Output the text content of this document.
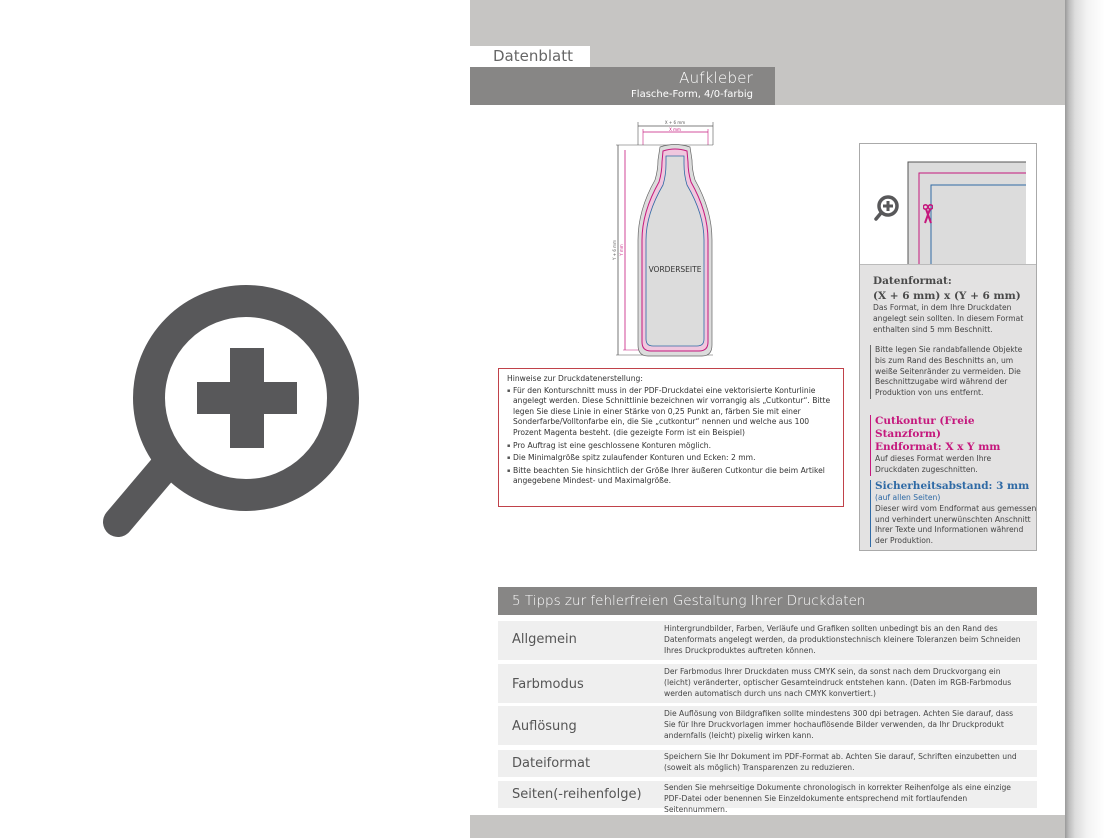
Datenblatt
Aufkleber
Flasche-Form, 4/0-farbig
X + 6 mm
X mm
Y + 6 mm Y mm
VORDERSEITE
Hinweise zur Druckdatenerstellung:
▪ Für den Konturschnitt muss in der PDF-Druckdatei eine vektorisierte Konturlinie angelegt werden. Diese Schnittlinie bezeichnen wir vorrangig als „Cutkontur“. Bitte legen Sie diese Linie in einer Stärke von 0,25 Punkt an, färben Sie mit einer Sonderfarbe/Volltonfarbe ein, die Sie „cutkontur“ nennen und welche aus 100 Prozent Magenta besteht. (die gezeigte Form ist ein Beispiel)
▪ Pro Auftrag ist eine geschlossene Konturen möglich.
▪ Die Minimalgröße spitz zulaufender Konturen und Ecken: 2 mm.
▪ Bitte beachten Sie hinsichtlich der Größe Ihrer äußeren Cutkontur die beim Artikel angegebene Mindest- und Maximalgröße.
Datenformat:
(X + 6 mm) x (Y + 6 mm)
Das Format, in dem Ihre Druckdaten angelegt sein sollten. In diesem Format enthalten sind 5 mm Beschnitt.
Bitte legen Sie randabfallende Objekte bis zum Rand des Beschnitts an, um weiße Seitenränder zu vermeiden. Die Beschnittzugabe wird während der Produktion von uns entfernt.
Cutkontur (Freie Stanzform)
Endformat: X x Y mm
Auf dieses Format werden Ihre Druckdaten zugeschnitten.
Sicherheitsabstand: 3 mm
(auf allen Seiten)
Dieser wird vom Endformat aus gemessen und verhindert unerwünschten Anschnitt Ihrer Texte und Informationen während der Produktion.
5 Tipps zur fehlerfreien Gestaltung Ihrer Druckdaten
Allgemein
Hintergrundbilder, Farben, Verläufe und Grafiken sollten unbedingt bis an den Rand des Datenformats angelegt werden, da produktionstechnisch kleinere Toleranzen beim Schneiden Ihres Druckproduktes auftreten können.
Farbmodus
Der Farbmodus Ihrer Druckdaten muss CMYK sein, da sonst nach dem Druckvorgang ein (leicht) veränderter, optischer Gesamteindruck entstehen kann. (Daten im RGB-Farbmodus werden automatisch durch uns nach CMYK konvertiert.)
Auflösung
Die Auflösung von Bildgrafiken sollte mindestens 300 dpi betragen. Achten Sie darauf, dass Sie für Ihre Druckvorlagen immer hochauflösende Bilder verwenden, da Ihr Druckprodukt andernfalls (leicht) pixelig wirken kann.
Dateiformat	Speichern Sie Ihr Dokument im PDF-Format ab. Achten Sie darauf, Schriften einzubetten und (soweit als möglich) Transparenzen zu reduzieren.
Seiten(-reihenfolge)	Senden Sie mehrseitige Dokumente chronologisch in korrekter Reihenfolge als eine einzige PDF-Datei oder benennen Sie Einzeldokumente entsprechend mit fortlaufenden Seitennummern.
